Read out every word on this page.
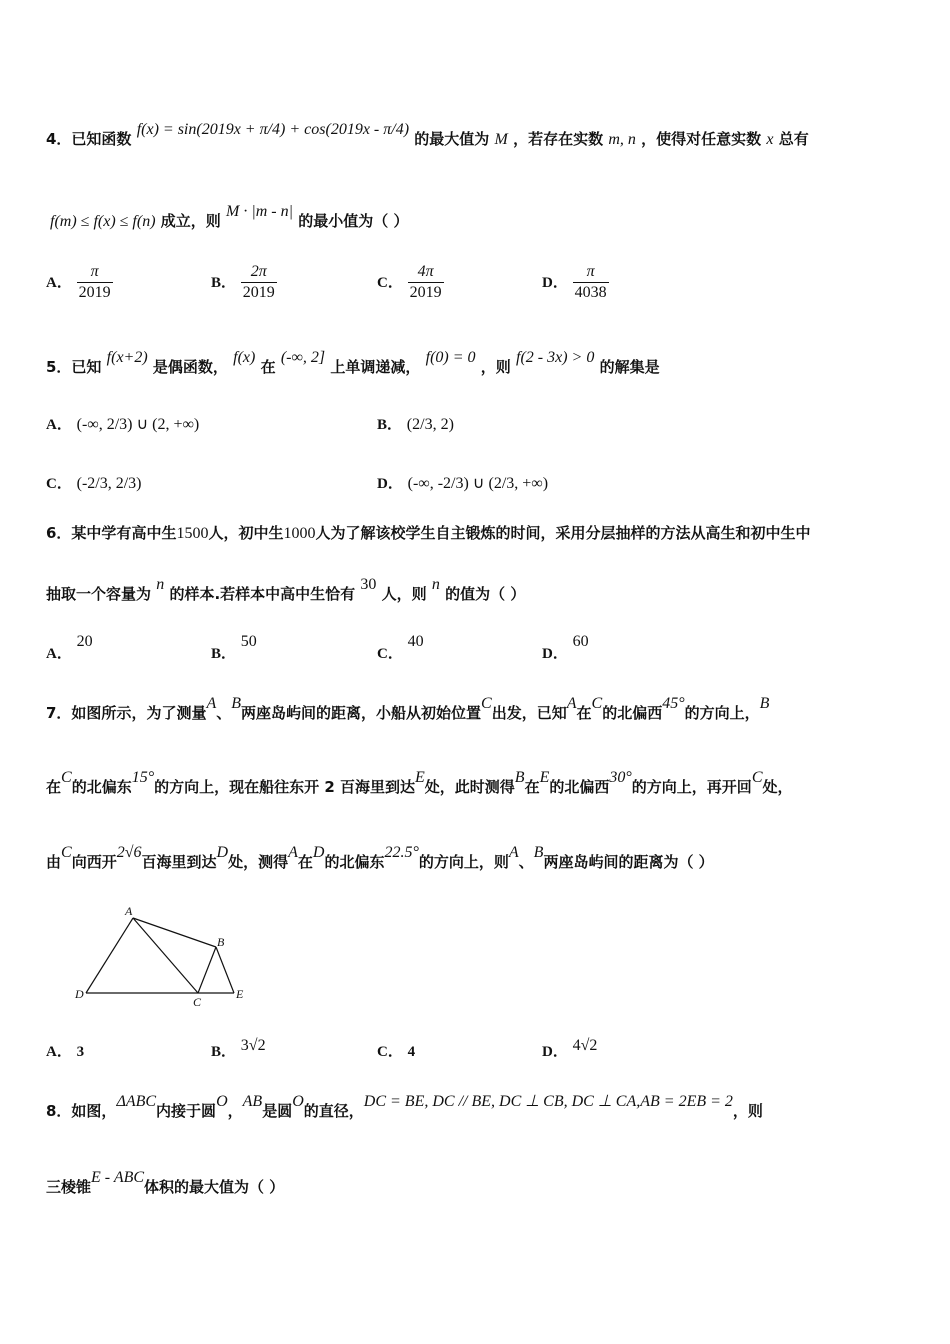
4．已知函数 f(x) = sin(2019x + π/4) + cos(2019x - π/4) 的最大值为 M ，若存在实数 m, n ，使得对任意实数 x 总有
f(m) ≤ f(x) ≤ f(n) 成立，则 M · |m - n| 的最小值为（ ）
A． $\frac{\pi}{2019}$	B． $\frac{2\pi}{2019}$	C． $\frac{4\pi}{2019}$	D． $\frac{\pi}{4038}$
5．已知 f(x+2) 是偶函数， f(x) 在 (-∞, 2] 上单调递减， f(0) = 0 ，则 f(2 - 3x) > 0 的解集是
A． (-∞, 2/3) ∪ (2, +∞)	B． (2/3, 2)
C． (-2/3, 2/3)	D． (-∞, -2/3) ∪ (2/3, +∞)
6．某中学有高中生1500人，初中生1000人为了解该校学生自主锻炼的时间，采用分层抽样的方法从高生和初中生中
抽取一个容量为 n 的样本.若样本中高中生恰有 30 人，则 n 的值为（ ）
A． 20
B． 50
C． 40
D． 60
7．如图所示，为了测量A、B两座岛屿间的距离，小船从初始位置C出发，已知A在C的北偏西45°的方向上，B
在C的北偏东15°的方向上，现在船往东开 2 百海里到达E处，此时测得B在E的北偏西30°的方向上，再开回C处，
由C向西开2√6百海里到达D处，测得A在D的北偏东22.5°的方向上，则A、B两座岛屿间的距离为（ ）
A
B
C
D	E
A． 3	B． 3√2	C． 4	D． 4√2
8．如图，ΔABC内接于圆O，AB是圆O的直径，DC = BE, DC // BE, DC ⊥ CB, DC ⊥ CA,AB = 2EB = 2，则
三棱锥E - ABC体积的最大值为（ ）
